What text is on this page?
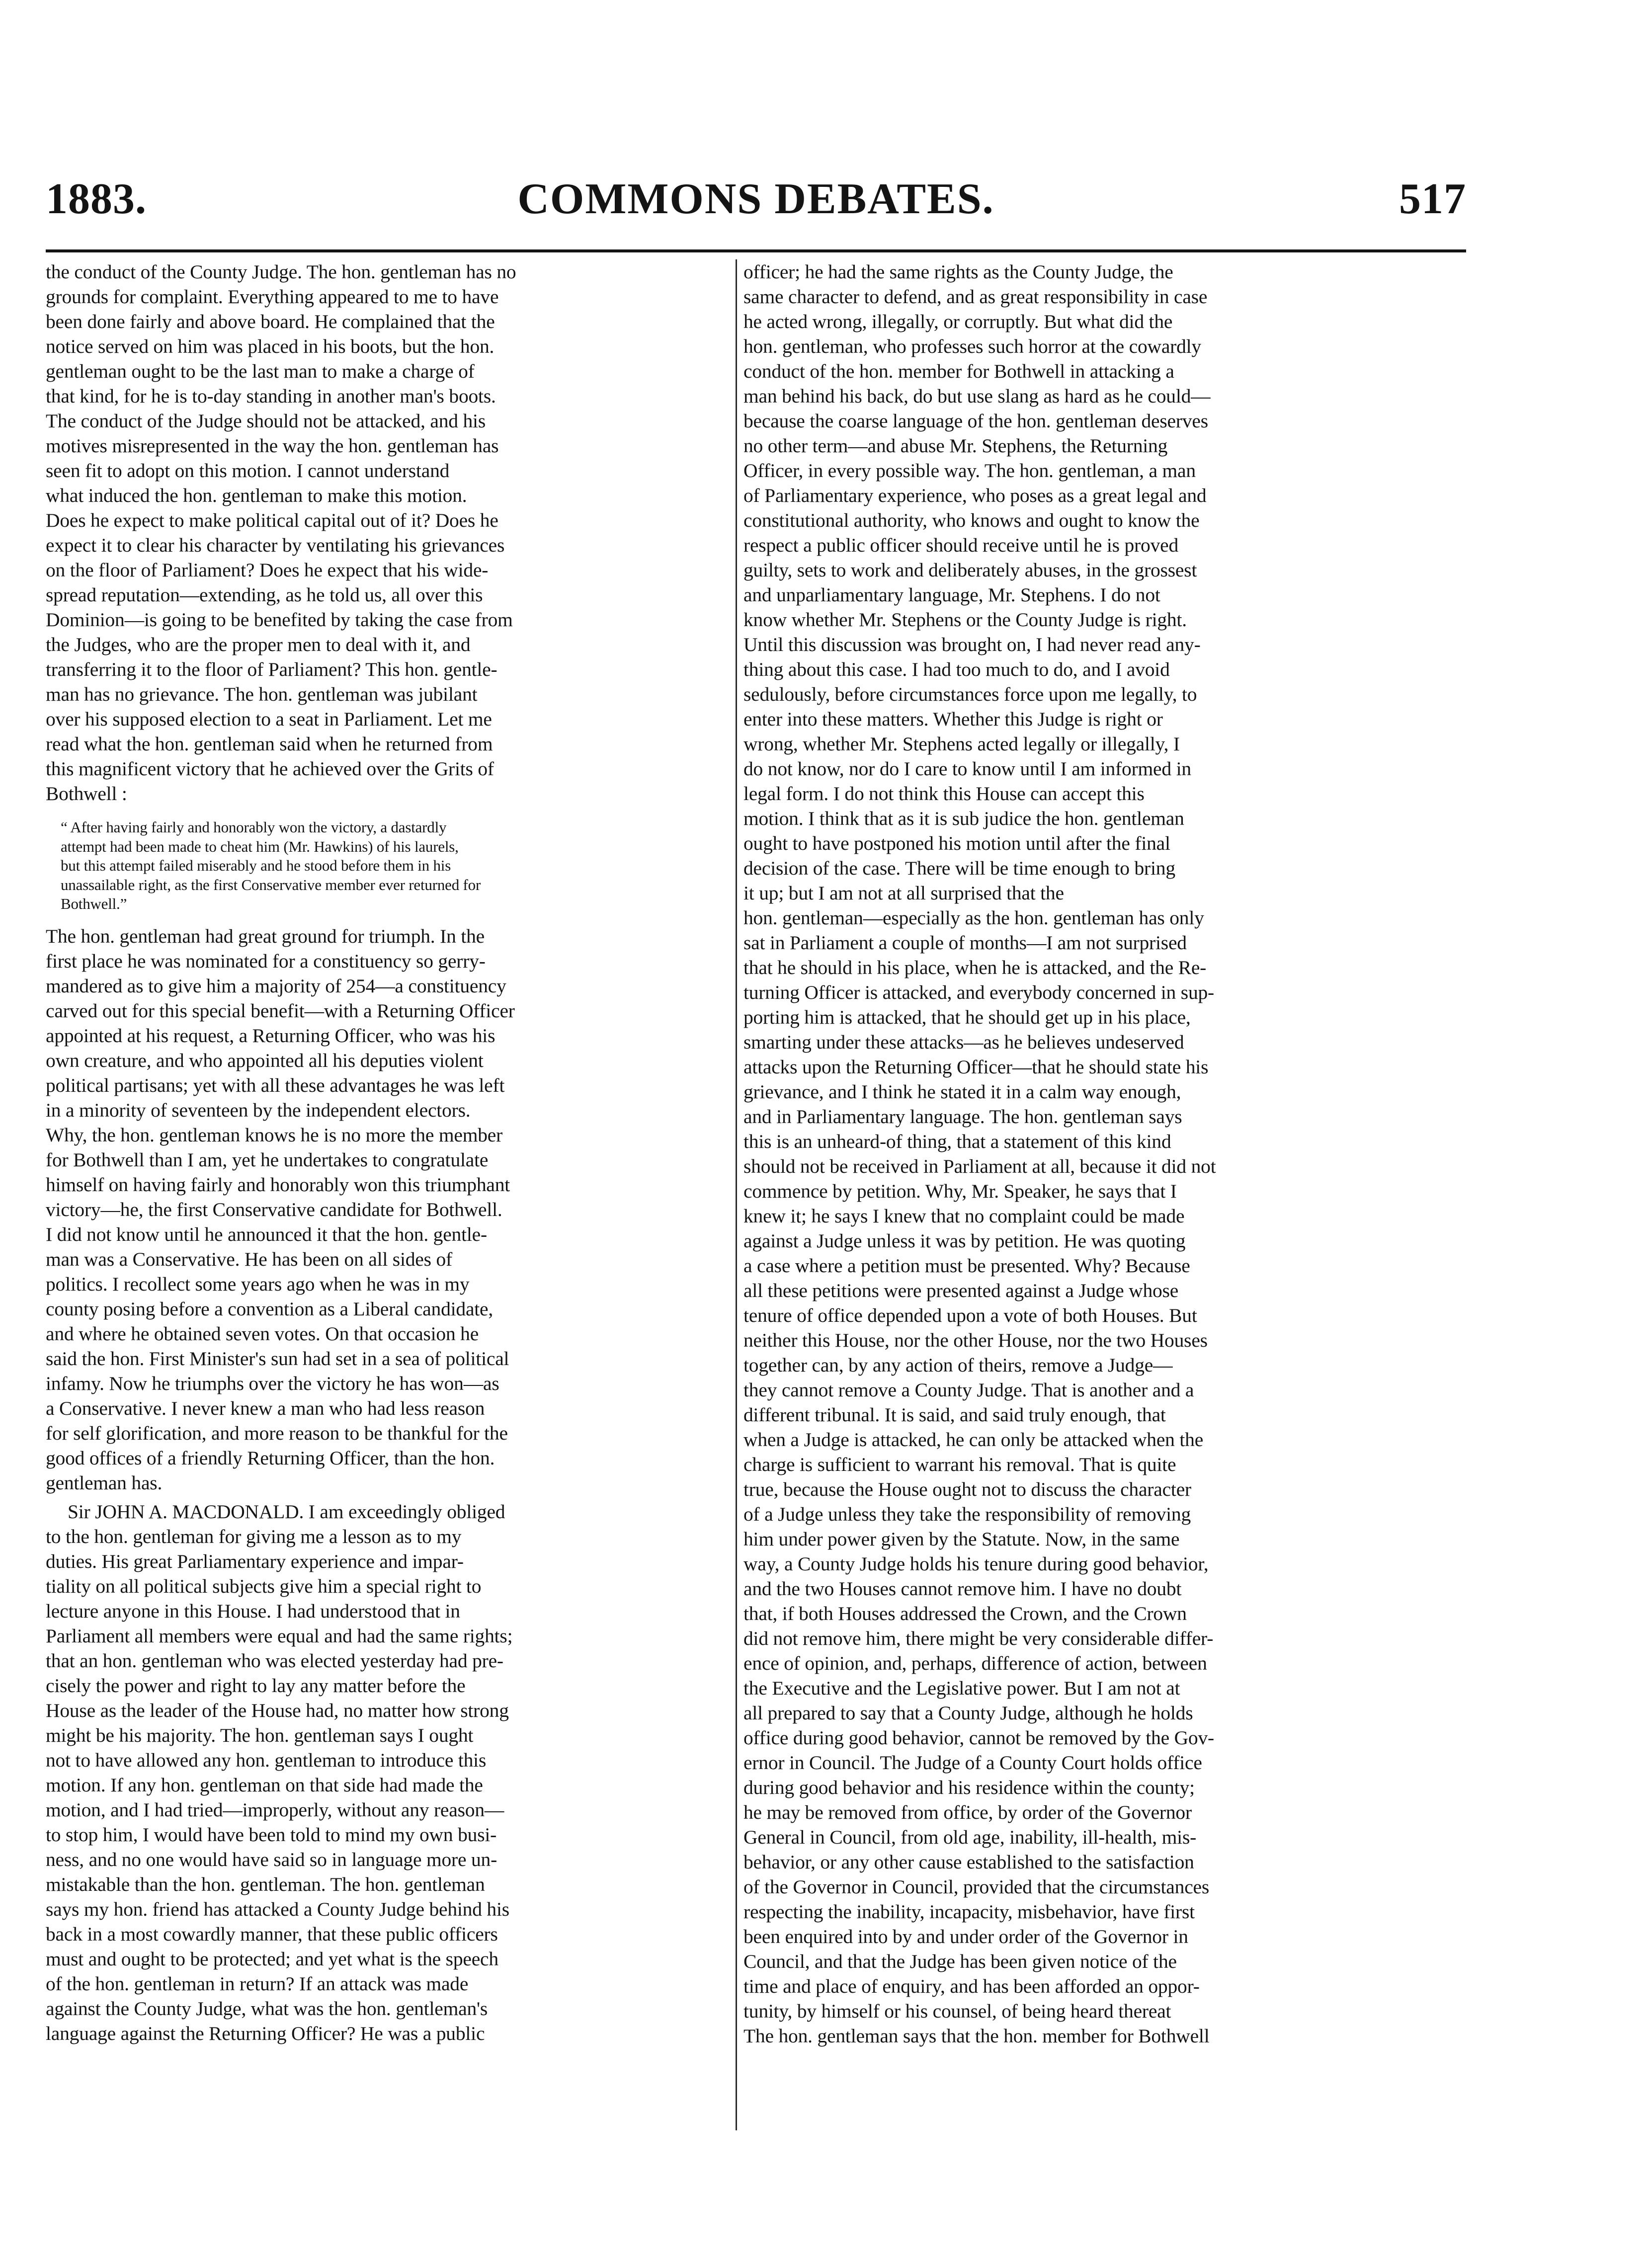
1883.	COMMONS DEBATES.	517
the conduct of the County Judge. The hon. gentleman has no
grounds for complaint. Everything appeared to me to have
been done fairly and above board. He complained that the
notice served on him was placed in his boots, but the hon.
gentleman ought to be the last man to make a charge of
that kind, for he is to-day standing in another man's boots.
The conduct of the Judge should not be attacked, and his
motives misrepresented in the way the hon. gentleman has
seen fit to adopt on this motion. I cannot understand
what induced the hon. gentleman to make this motion.
Does he expect to make political capital out of it? Does he
expect it to clear his character by ventilating his grievances
on the floor of Parliament? Does he expect that his wide-
spread reputation—extending, as he told us, all over this
Dominion—is going to be benefited by taking the case from
the Judges, who are the proper men to deal with it, and
transferring it to the floor of Parliament? This hon. gentle-
man has no grievance. The hon. gentleman was jubilant
over his supposed election to a seat in Parliament. Let me
read what the hon. gentleman said when he returned from
this magnificent victory that he achieved over the Grits of
Bothwell :
“ After having fairly and honorably won the victory, a dastardly
attempt had been made to cheat him (Mr. Hawkins) of his laurels,
but this attempt failed miserably and he stood before them in his
unassailable right, as the first Conservative member ever returned for
Bothwell.”
The hon. gentleman had great ground for triumph. In the
first place he was nominated for a constituency so gerry-
mandered as to give him a majority of 254—a constituency
carved out for this special benefit—with a Returning Officer
appointed at his request, a Returning Officer, who was his
own creature, and who appointed all his deputies violent
political partisans; yet with all these advantages he was left
in a minority of seventeen by the independent electors.
Why, the hon. gentleman knows he is no more the member
for Bothwell than I am, yet he undertakes to congratulate
himself on having fairly and honorably won this triumphant
victory—he, the first Conservative candidate for Bothwell.
I did not know until he announced it that the hon. gentle-
man was a Conservative. He has been on all sides of
politics. I recollect some years ago when he was in my
county posing before a convention as a Liberal candidate,
and where he obtained seven votes. On that occasion he
said the hon. First Minister's sun had set in a sea of political
infamy. Now he triumphs over the victory he has won—as
a Conservative. I never knew a man who had less reason
for self glorification, and more reason to be thankful for the
good offices of a friendly Returning Officer, than the hon.
gentleman has.
Sir JOHN A. MACDONALD. I am exceedingly obliged
to the hon. gentleman for giving me a lesson as to my
duties. His great Parliamentary experience and impar-
tiality on all political subjects give him a special right to
lecture anyone in this House. I had understood that in
Parliament all members were equal and had the same rights;
that an hon. gentleman who was elected yesterday had pre-
cisely the power and right to lay any matter before the
House as the leader of the House had, no matter how strong
might be his majority. The hon. gentleman says I ought
not to have allowed any hon. gentleman to introduce this
motion. If any hon. gentleman on that side had made the
motion, and I had tried—improperly, without any reason—
to stop him, I would have been told to mind my own busi-
ness, and no one would have said so in language more un-
mistakable than the hon. gentleman. The hon. gentleman
says my hon. friend has attacked a County Judge behind his
back in a most cowardly manner, that these public officers
must and ought to be protected; and yet what is the speech
of the hon. gentleman in return? If an attack was made
against the County Judge, what was the hon. gentleman's
language against the Returning Officer? He was a public
officer; he had the same rights as the County Judge, the
same character to defend, and as great responsibility in case
he acted wrong, illegally, or corruptly. But what did the
hon. gentleman, who professes such horror at the cowardly
conduct of the hon. member for Bothwell in attacking a
man behind his back, do but use slang as hard as he could—
because the coarse language of the hon. gentleman deserves
no other term—and abuse Mr. Stephens, the Returning
Officer, in every possible way. The hon. gentleman, a man
of Parliamentary experience, who poses as a great legal and
constitutional authority, who knows and ought to know the
respect a public officer should receive until he is proved
guilty, sets to work and deliberately abuses, in the grossest
and unparliamentary language, Mr. Stephens. I do not
know whether Mr. Stephens or the County Judge is right.
Until this discussion was brought on, I had never read any-
thing about this case. I had too much to do, and I avoid
sedulously, before circumstances force upon me legally, to
enter into these matters. Whether this Judge is right or
wrong, whether Mr. Stephens acted legally or illegally, I
do not know, nor do I care to know until I am informed in
legal form. I do not think this House can accept this
motion. I think that as it is sub judice the hon. gentleman
ought to have postponed his motion until after the final
decision of the case. There will be time enough to bring
it up; but I am not at all surprised that the
hon. gentleman—especially as the hon. gentleman has only
sat in Parliament a couple of months—I am not surprised
that he should in his place, when he is attacked, and the Re-
turning Officer is attacked, and everybody concerned in sup-
porting him is attacked, that he should get up in his place,
smarting under these attacks—as he believes undeserved
attacks upon the Returning Officer—that he should state his
grievance, and I think he stated it in a calm way enough,
and in Parliamentary language. The hon. gentleman says
this is an unheard-of thing, that a statement of this kind
should not be received in Parliament at all, because it did not
commence by petition. Why, Mr. Speaker, he says that I
knew it; he says I knew that no complaint could be made
against a Judge unless it was by petition. He was quoting
a case where a petition must be presented. Why? Because
all these petitions were presented against a Judge whose
tenure of office depended upon a vote of both Houses. But
neither this House, nor the other House, nor the two Houses
together can, by any action of theirs, remove a Judge—
they cannot remove a County Judge. That is another and a
different tribunal. It is said, and said truly enough, that
when a Judge is attacked, he can only be attacked when the
charge is sufficient to warrant his removal. That is quite
true, because the House ought not to discuss the character
of a Judge unless they take the responsibility of removing
him under power given by the Statute. Now, in the same
way, a County Judge holds his tenure during good behavior,
and the two Houses cannot remove him. I have no doubt
that, if both Houses addressed the Crown, and the Crown
did not remove him, there might be very considerable differ-
ence of opinion, and, perhaps, difference of action, between
the Executive and the Legislative power. But I am not at
all prepared to say that a County Judge, although he holds
office during good behavior, cannot be removed by the Gov-
ernor in Council. The Judge of a County Court holds office
during good behavior and his residence within the county;
he may be removed from office, by order of the Governor
General in Council, from old age, inability, ill-health, mis-
behavior, or any other cause established to the satisfaction
of the Governor in Council, provided that the circumstances
respecting the inability, incapacity, misbehavior, have first
been enquired into by and under order of the Governor in
Council, and that the Judge has been given notice of the
time and place of enquiry, and has been afforded an oppor-
tunity, by himself or his counsel, of being heard thereat
The hon. gentleman says that the hon. member for Bothwell
